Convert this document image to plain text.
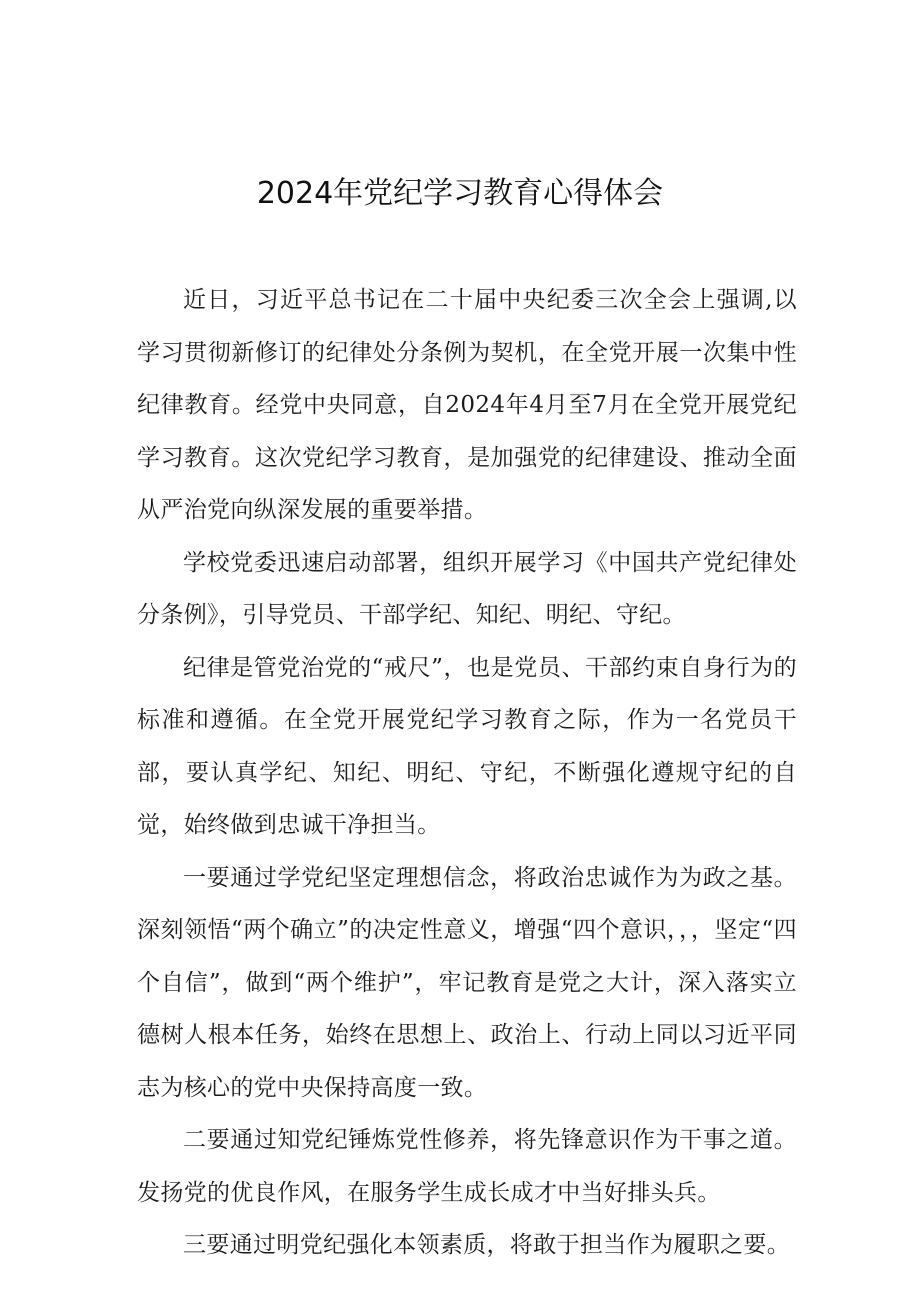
2024年党纪学习教育心得体会

近日，习近平总书记在二十届中央纪委三次全会上强调,以学习贯彻新修订的纪律处分条例为契机，在全党开展一次集中性纪律教育。经党中央同意，自2024年4月至7月在全党开展党纪学习教育。这次党纪学习教育，是加强党的纪律建设、推动全面从严治党向纵深发展的重要举措。

学校党委迅速启动部署，组织开展学习《中国共产党纪律处分条例》，引导党员、干部学纪、知纪、明纪、守纪。

纪律是管党治党的“戒尺”，也是党员、干部约束自身行为的标准和遵循。在全党开展党纪学习教育之际，作为一名党员干部，要认真学纪、知纪、明纪、守纪，不断强化遵规守纪的自觉，始终做到忠诚干净担当。

一要通过学党纪坚定理想信念，将政治忠诚作为为政之基。深刻领悟“两个确立”的决定性意义，增强“四个意识，，，坚定“四个自信”，做到“两个维护”，牢记教育是党之大计，深入落实立德树人根本任务，始终在思想上、政治上、行动上同以习近平同志为核心的党中央保持高度一致。

二要通过知党纪锤炼党性修养，将先锋意识作为干事之道。发扬党的优良作风，在服务学生成长成才中当好排头兵。

三要通过明党纪强化本领素质，将敢于担当作为履职之要。
